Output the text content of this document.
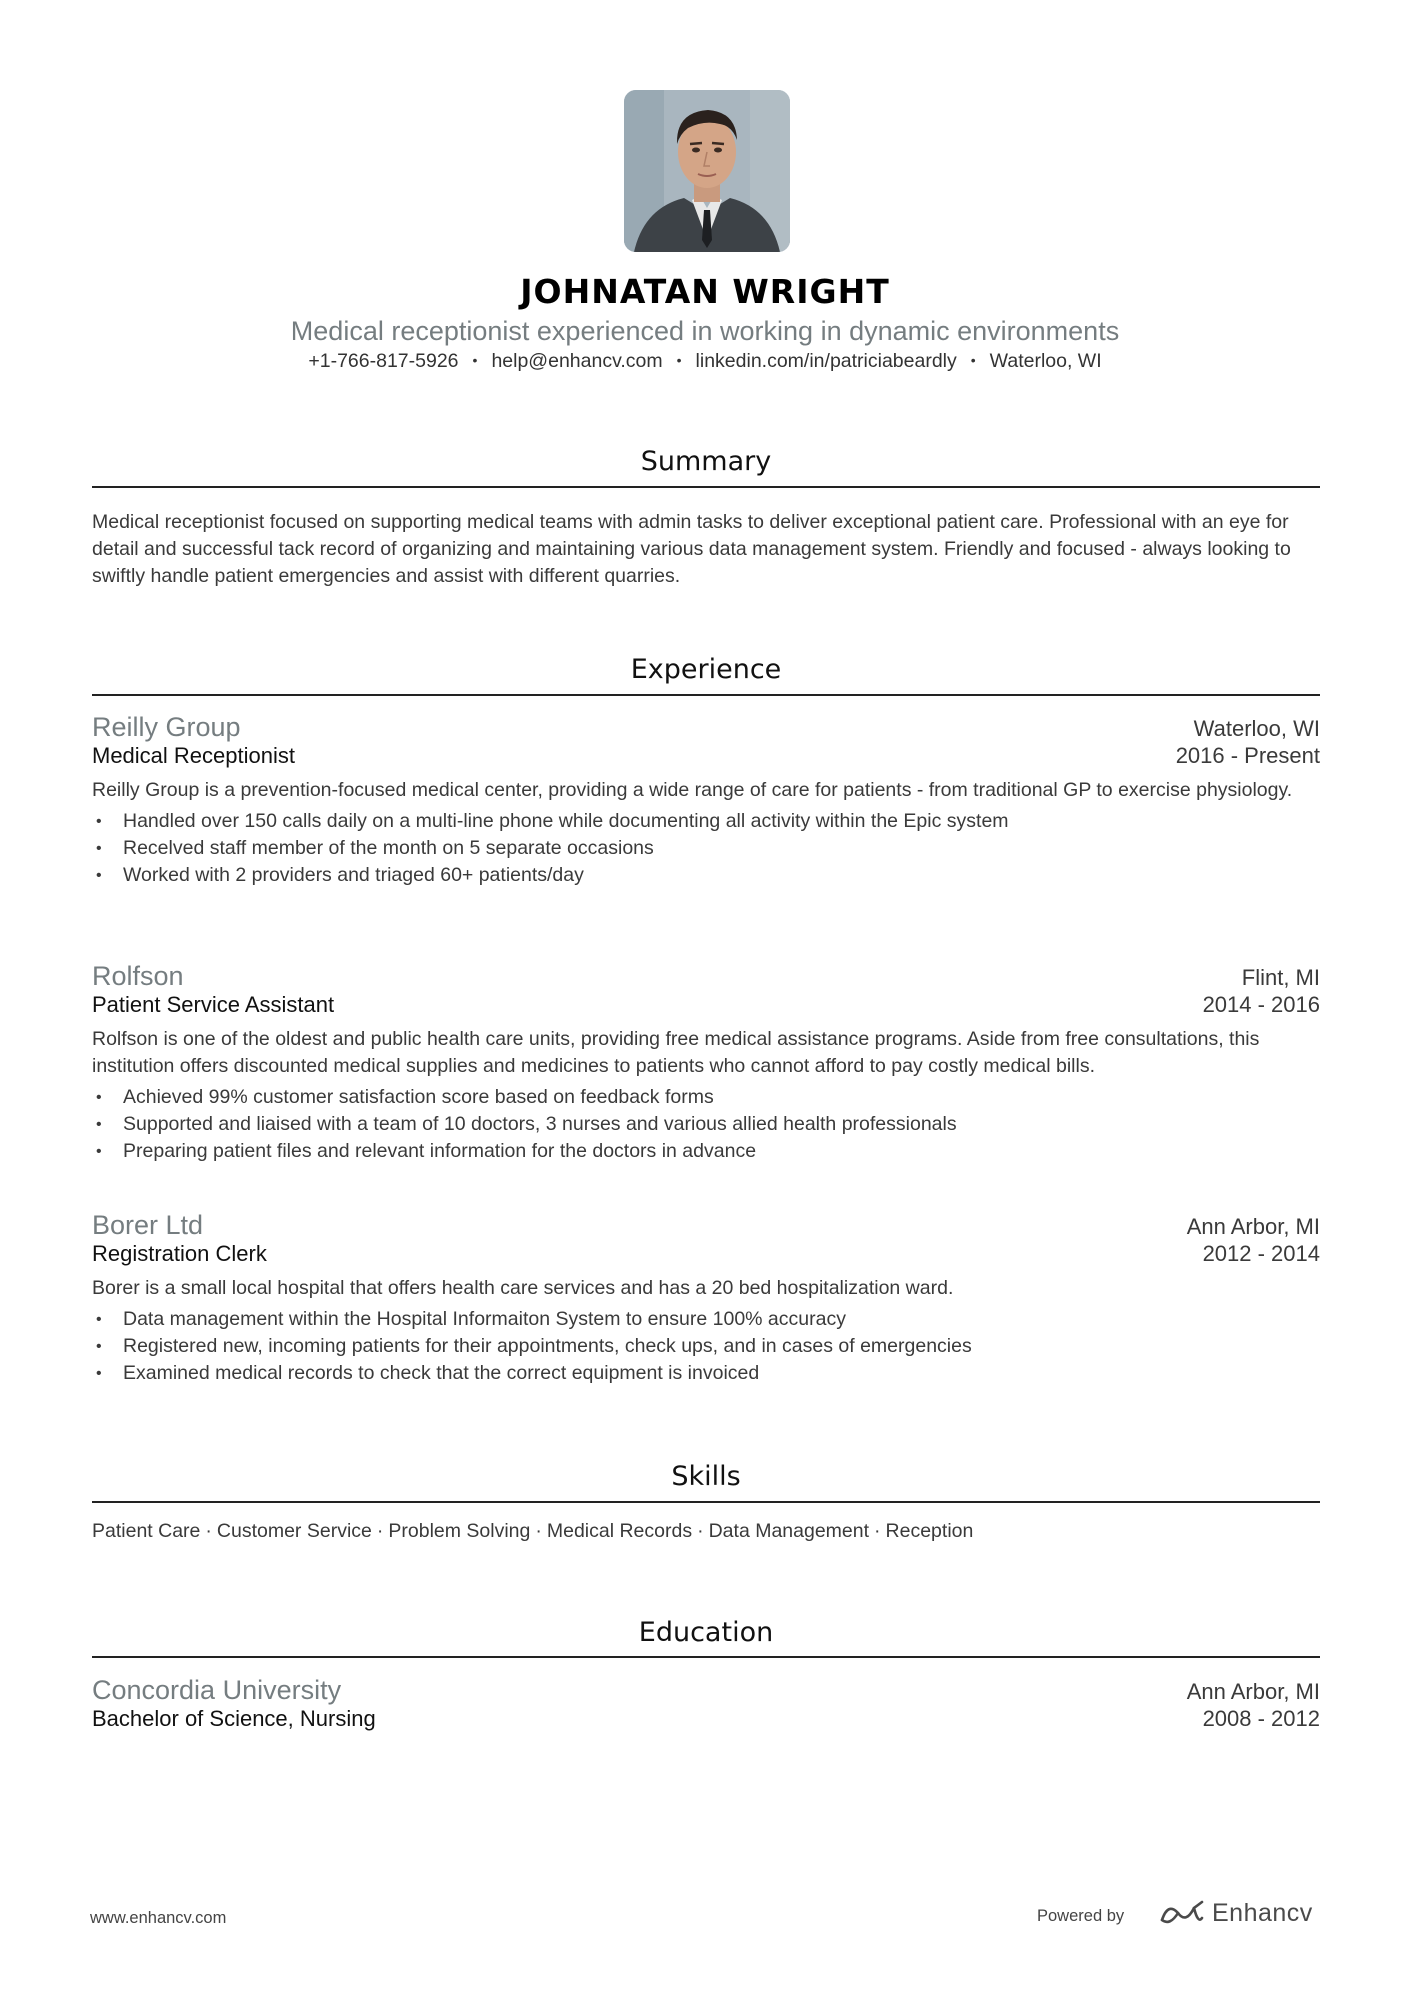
JOHNATAN WRIGHT
Medical receptionist experienced in working in dynamic environments
+1-766-817-5926 • help@enhancv.com • linkedin.com/in/patriciabeardly • Waterloo, WI
Summary
Medical receptionist focused on supporting medical teams with admin tasks to deliver exceptional patient care. Professional with an eye for detail and successful tack record of organizing and maintaining various data management system. Friendly and focused - always looking to swiftly handle patient emergencies and assist with different quarries.
Experience
Reilly Group	Waterloo, WI
Medical Receptionist	2016 - Present
Reilly Group is a prevention-focused medical center, providing a wide range of care for patients - from traditional GP to exercise physiology.
• Handled over 150 calls daily on a multi-line phone while documenting all activity within the Epic system
• Recelved staff member of the month on 5 separate occasions
• Worked with 2 providers and triaged 60+ patients/day
Rolfson	Flint, MI
Patient Service Assistant	2014 - 2016
Rolfson is one of the oldest and public health care units, providing free medical assistance programs. Aside from free consultations, this institution offers discounted medical supplies and medicines to patients who cannot afford to pay costly medical bills.
• Achieved 99% customer satisfaction score based on feedback forms
• Supported and liaised with a team of 10 doctors, 3 nurses and various allied health professionals
• Preparing patient files and relevant information for the doctors in advance
Borer Ltd	Ann Arbor, MI
Registration Clerk	2012 - 2014
Borer is a small local hospital that offers health care services and has a 20 bed hospitalization ward.
• Data management within the Hospital Informaiton System to ensure 100% accuracy
• Registered new, incoming patients for their appointments, check ups, and in cases of emergencies
• Examined medical records to check that the correct equipment is invoiced
Skills
Patient Care · Customer Service · Problem Solving · Medical Records · Data Management · Reception
Education
Concordia University	Ann Arbor, MI
Bachelor of Science, Nursing	2008 - 2012
www.enhancv.com	Powered by	Enhancv
